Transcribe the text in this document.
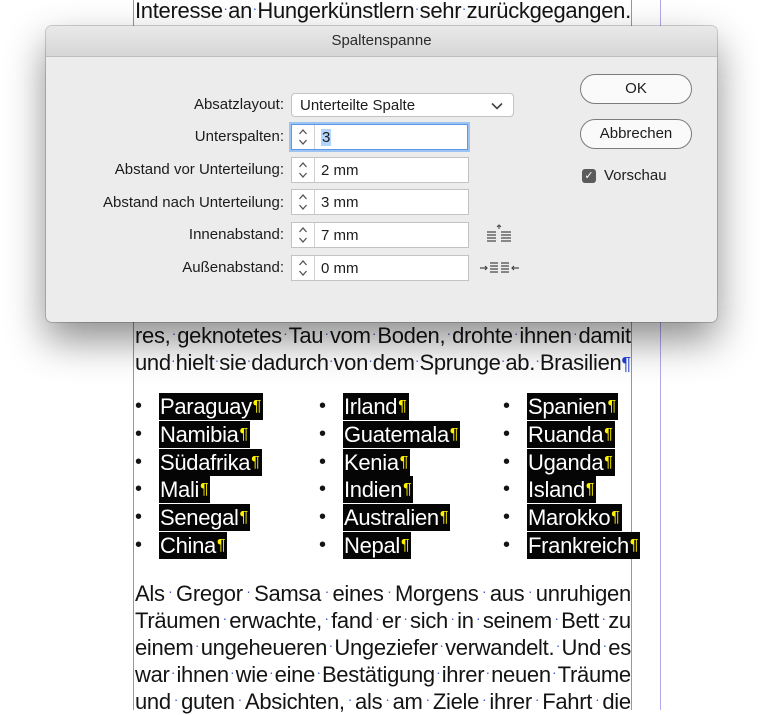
Interesse · an · Hungerkünstlern · sehr · zurückgegangen.
res, · geknotetes · Tau · vom · Boden, · drohte · ihnen · damit
und · hielt · sie · dadurch · von · dem · Sprunge · ab. · Brasilien¶
• Paraguay ¶
• Namibia ¶
• Südafrika ¶
• Mali ¶
• Senegal ¶
• China ¶
• Irland ¶
• Guatemala ¶
• Kenia ¶
• Indien ¶
• Australien ¶
• Nepal ¶
• Spanien ¶
• Ruanda ¶
• Uganda ¶
• Island ¶
• Marokko ¶
• Frankreich ¶
Als · Gregor · Samsa · eines · Morgens · aus · unruhigen
Träumen · erwachte, · fand · er · sich · in · seinem · Bett · zu
einem · ungeheueren · Ungeziefer · verwandelt. · Und · es
war · ihnen · wie · eine · Bestätigung · ihrer · neuen · Träume
und · guten · Absichten, · als · am · Ziele · ihrer · Fahrt · die
Spaltenspanne
Absatzlayout: Unterteilte Spalte
Unterspalten:	3
Abstand vor Unterteilung:	2 mm
Abstand nach Unterteilung:	3 mm
Innenabstand:	7 mm
Außenabstand:	0 mm
OK
Abbrechen
✓ Vorschau
